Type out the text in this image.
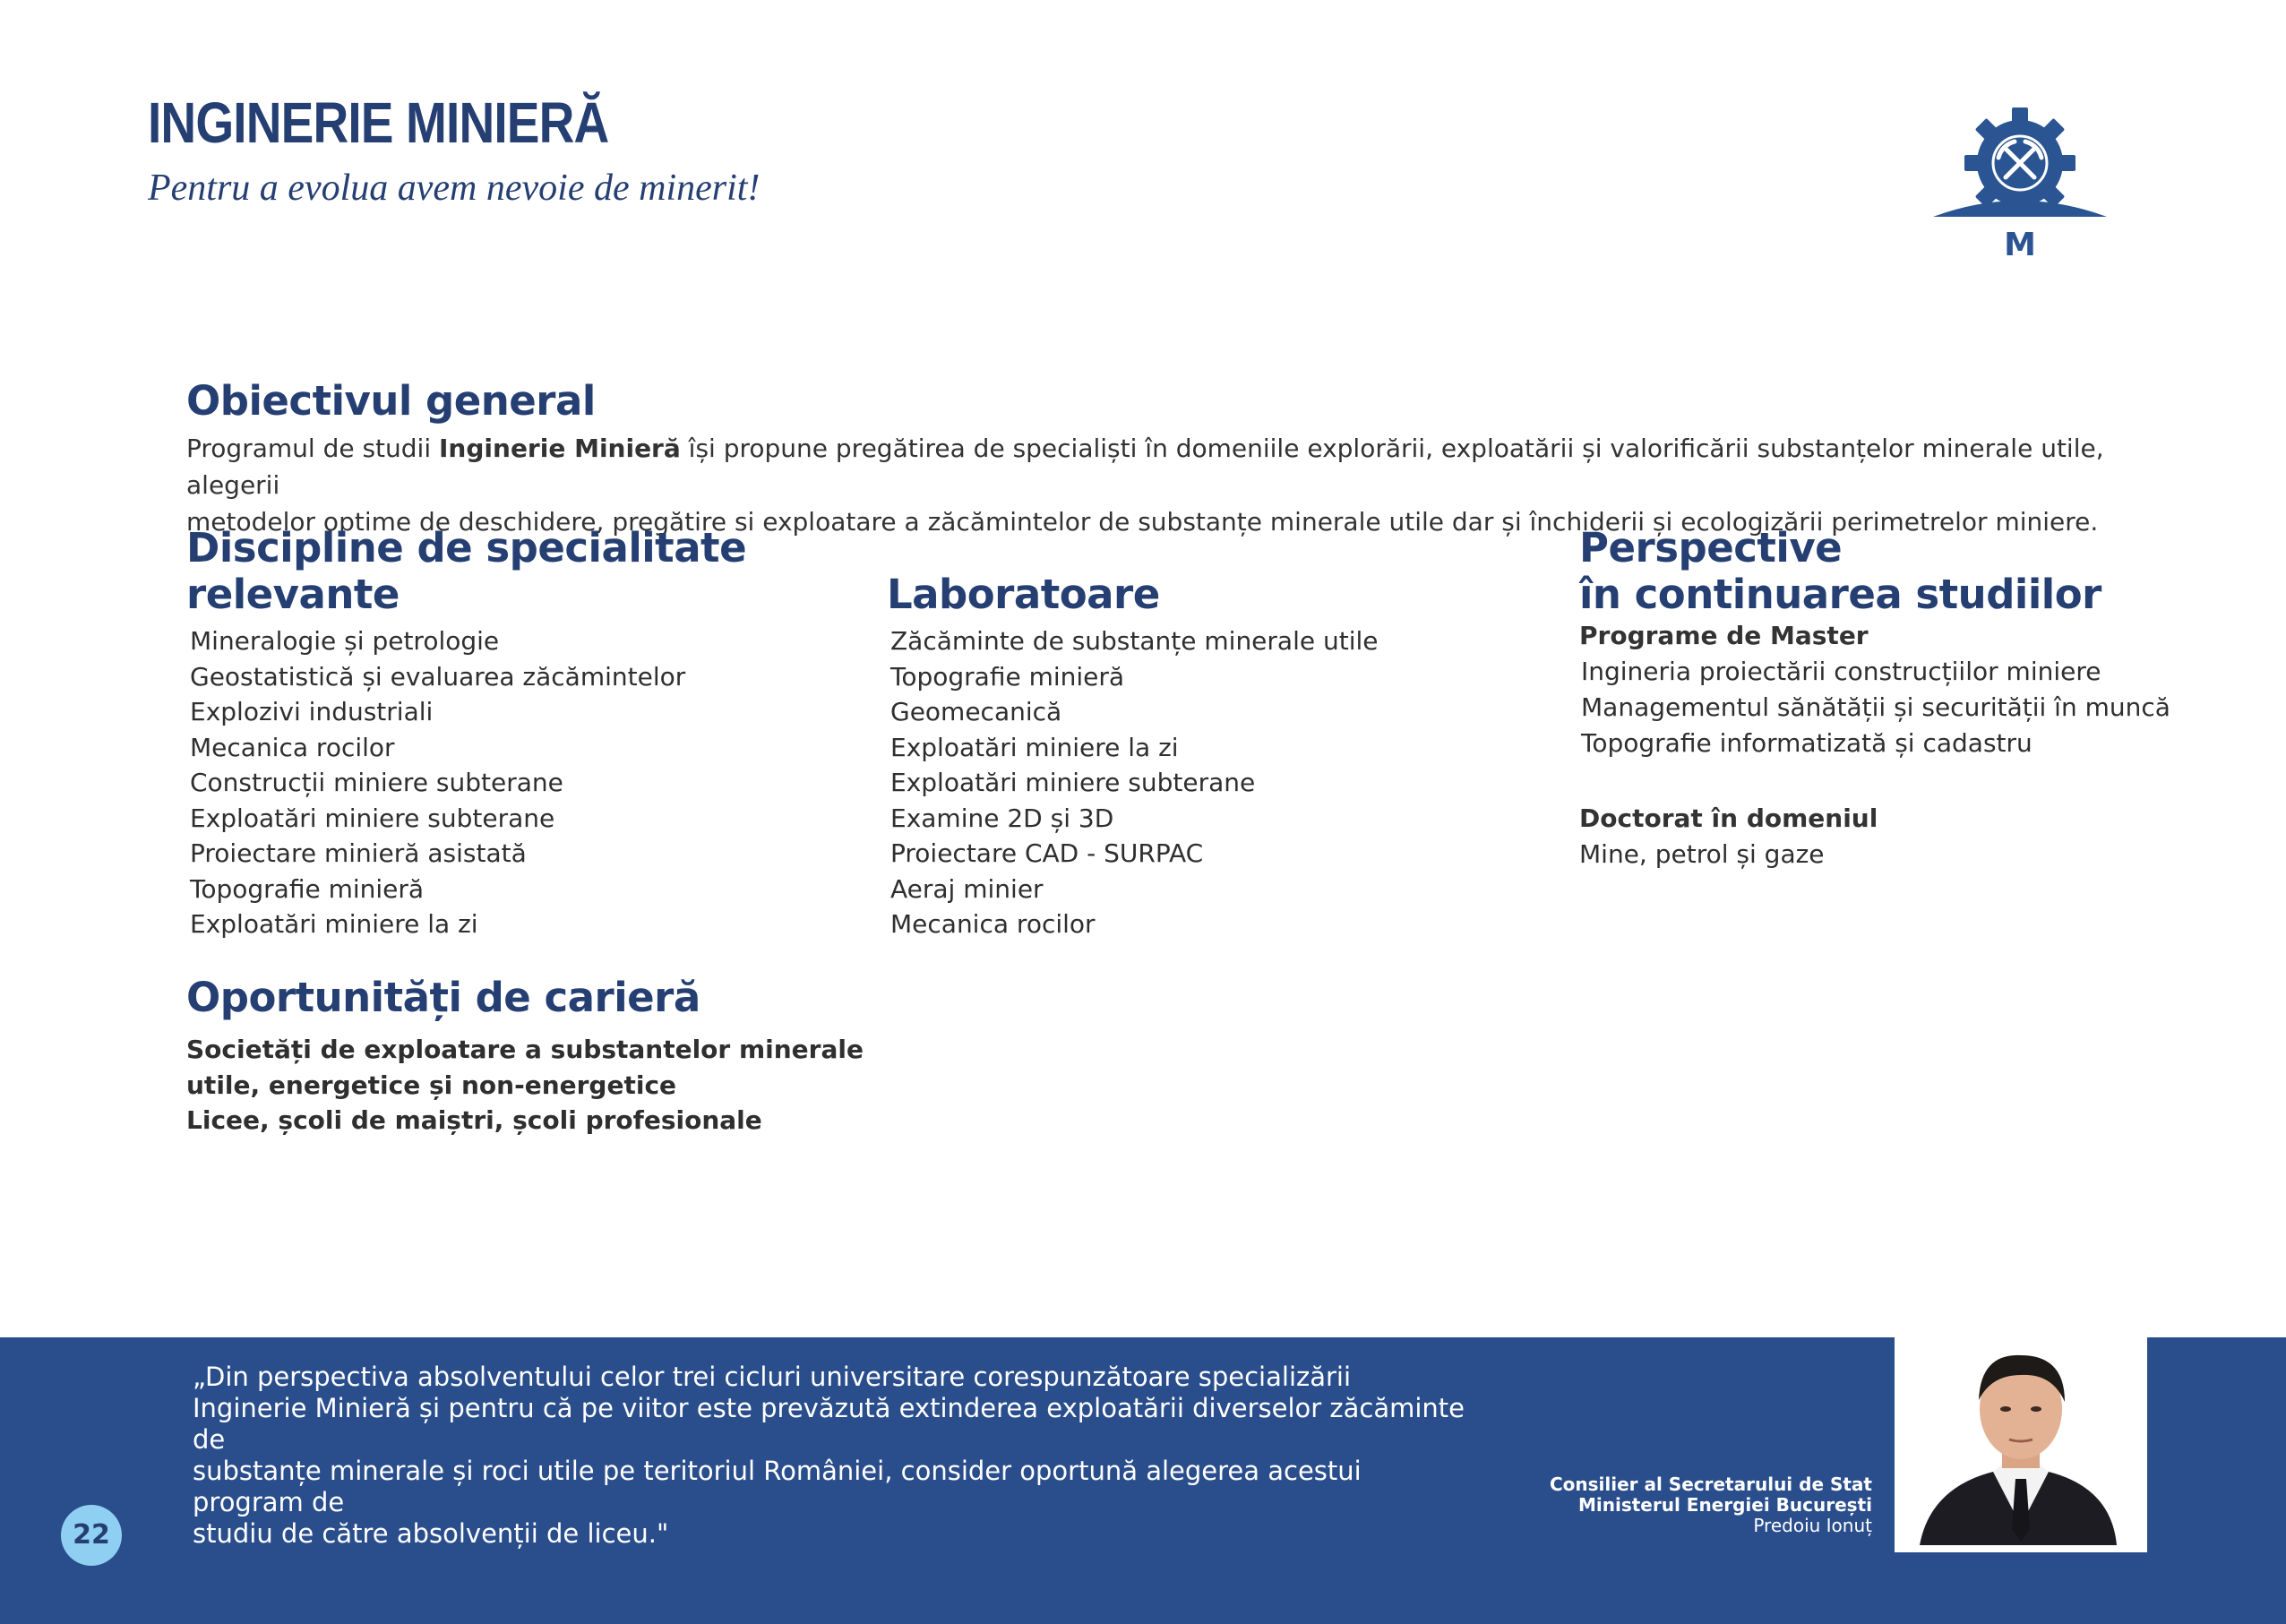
INGINERIE MINIERĂ
Pentru a evolua avem nevoie de minerit!
M
Obiectivul general
Programul de studii Inginerie Minieră își propune pregătirea de specialiști în domeniile explorării, exploatării și valorificării substanțelor minerale utile, alegerii
metodelor optime de deschidere, pregătire si exploatare a zăcămintelor de substanțe minerale utile dar și închiderii și ecologizării perimetrelor miniere.
Discipline de specialitate
relevante
Mineralogie și petrologie
Geostatistică și evaluarea zăcămintelor
Explozivi industriali
Mecanica rocilor
Construcții miniere subterane
Exploatări miniere subterane
Proiectare minieră asistată
Topografie minieră
Exploatări miniere la zi
Laboratoare
Zăcăminte de substanțe minerale utile
Topografie minieră
Geomecanică
Exploatări miniere la zi
Exploatări miniere subterane
Examine 2D și 3D
Proiectare CAD - SURPAC
Aeraj minier
Mecanica rocilor
Perspective
în continuarea studiilor
Programe de Master
Ingineria proiectării construcțiilor miniere
Managementul sănătății și securității în muncă
Topografie informatizată și cadastru
Doctorat în domeniul
Mine, petrol și gaze
Oportunități de carieră
Societăți de exploatare a substantelor minerale
utile, energetice și non-energetice
Licee, școli de maiștri, școli profesionale
„Din perspectiva absolventului celor trei cicluri universitare corespunzătoare specializării
Inginerie Minieră și pentru că pe viitor este prevăzută extinderea exploatării diverselor zăcăminte de
substanțe minerale și roci utile pe teritoriul României, consider oportună alegerea acestui program de
studiu de către absolvenții de liceu."
Consilier al Secretarului de Stat
Ministerul Energiei București
Predoiu Ionuț
22
